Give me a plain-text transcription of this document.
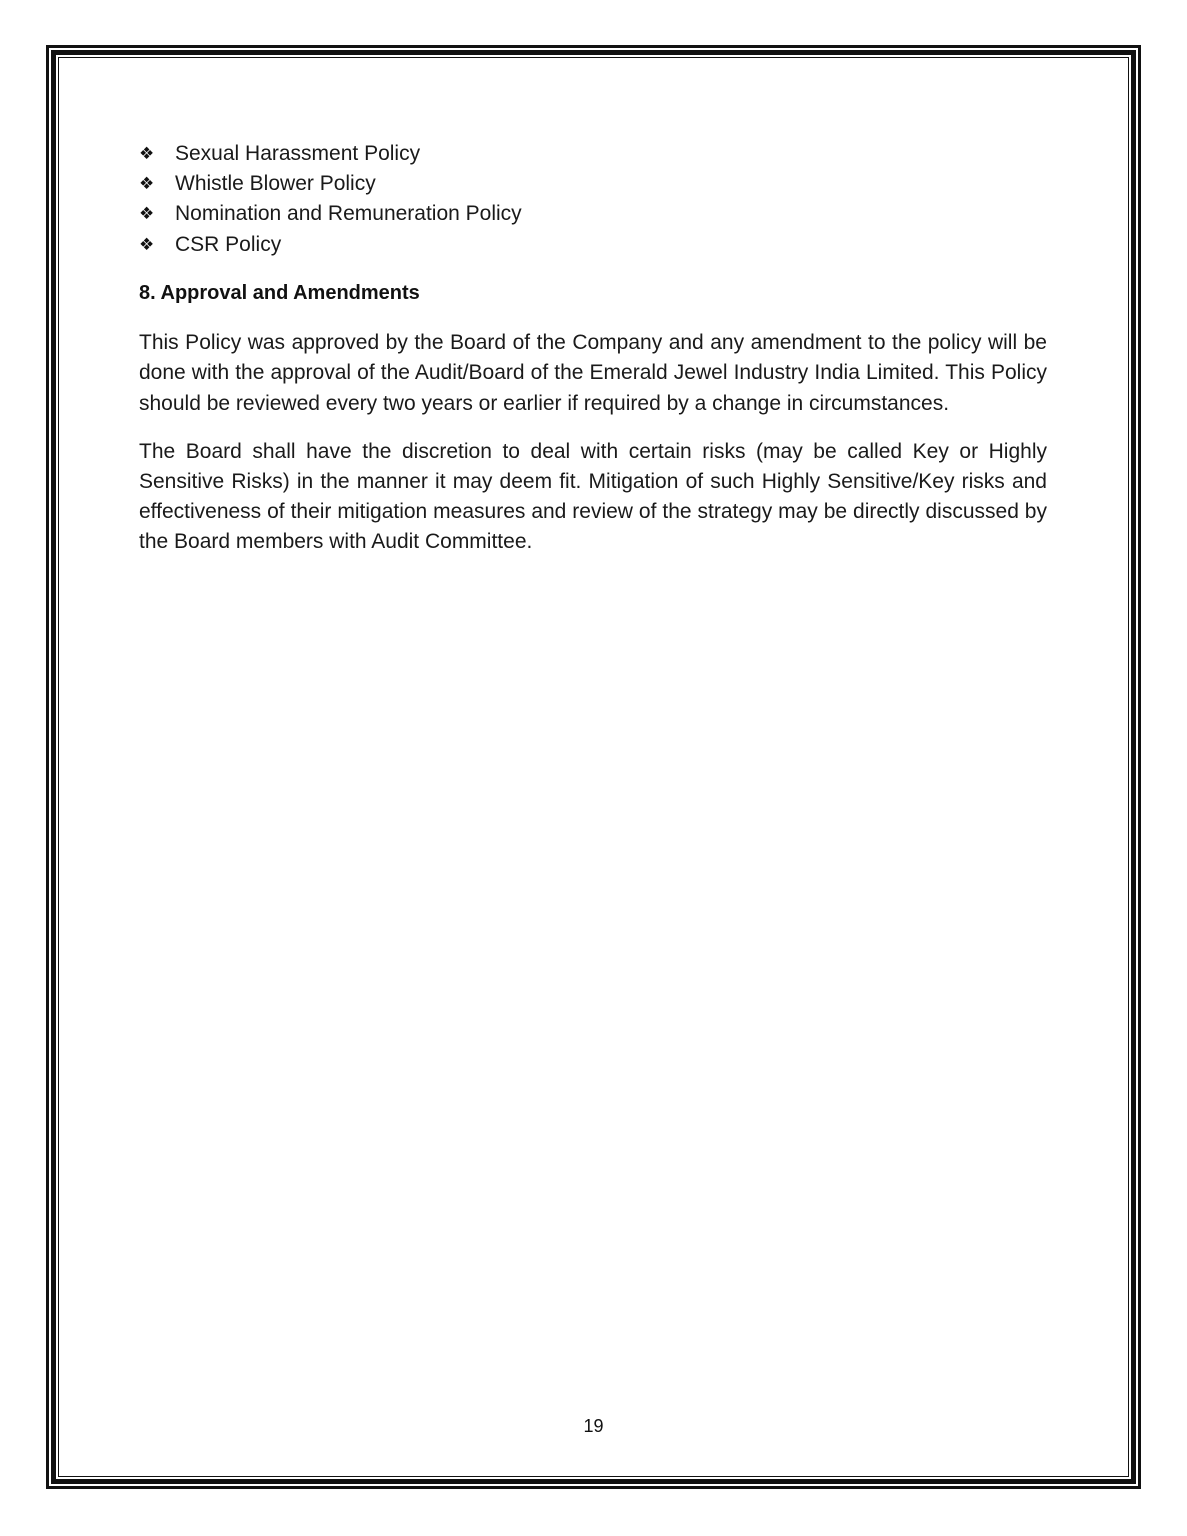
❖ Sexual Harassment Policy
❖ Whistle Blower Policy
❖ Nomination and Remuneration Policy
❖ CSR Policy
8. Approval and Amendments

This Policy was approved by the Board of the Company and any amendment to the policy will be done with the approval of the Audit/Board of the Emerald Jewel Industry India Limited. This Policy should be reviewed every two years or earlier if required by a change in circumstances.

The Board shall have the discretion to deal with certain risks (may be called Key or Highly Sensitive Risks) in the manner it may deem fit. Mitigation of such Highly Sensitive/Key risks and effectiveness of their mitigation measures and review of the strategy may be directly discussed by the Board members with Audit Committee.

19
